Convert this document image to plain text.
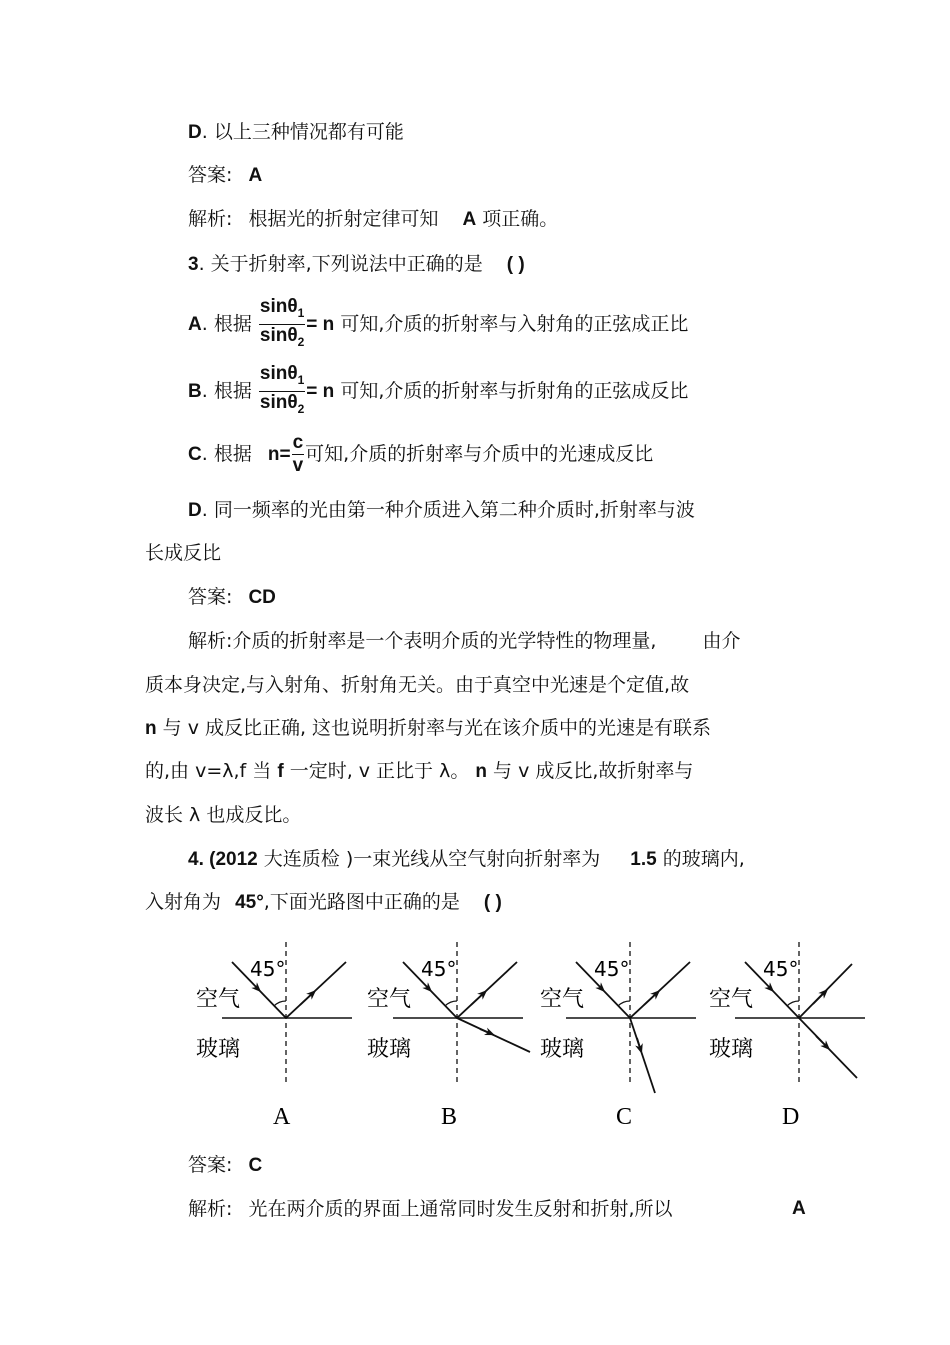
D. 以上三种情况都有可能
答案: A
解析: 根据光的折射定律可知 A 项正确。
3. 关于折射率,下列说法中正确的是 ( )
A. 根据 $\frac{\sin\theta_1}{\sin\theta_2} = n$ 可知,介质的折射率与入射角的正弦成正比
B. 根据 $\frac{\sin\theta_1}{\sin\theta_2} = n$ 可知,介质的折射率与折射角的正弦成反比
C. 根据 $n= \frac{c}{v}$ 可知,介质的折射率与介质中的光速成反比
D. 同一频率的光由第一种介质进入第二种介质时,折射率与波
长成反比
答案: CD
解析:介质的折射率是一个表明介质的光学特性的物理量, 由介
质本身决定,与入射角、折射角无关。由于真空中光速是个定值,故
n 与 v 成反比正确, 这也说明折射率与光在该介质中的光速是有联系
的,由 v=λ,f 当 f 一定时, v 正比于 λ。 n 与 v 成反比,故折射率与
波长 λ 也成反比。
4. (2012 大连质检 )一束光线从空气射向折射率为 1.5 的玻璃内,
入射角为 45°,下面光路图中正确的是 ( )
45°
空气
玻璃
A
45°
空气
玻璃
B
45°
空气
玻璃
C
45°
空气
玻璃
D
答案: C
解析: 光在两介质的界面上通常同时发生反射和折射,所以	A
